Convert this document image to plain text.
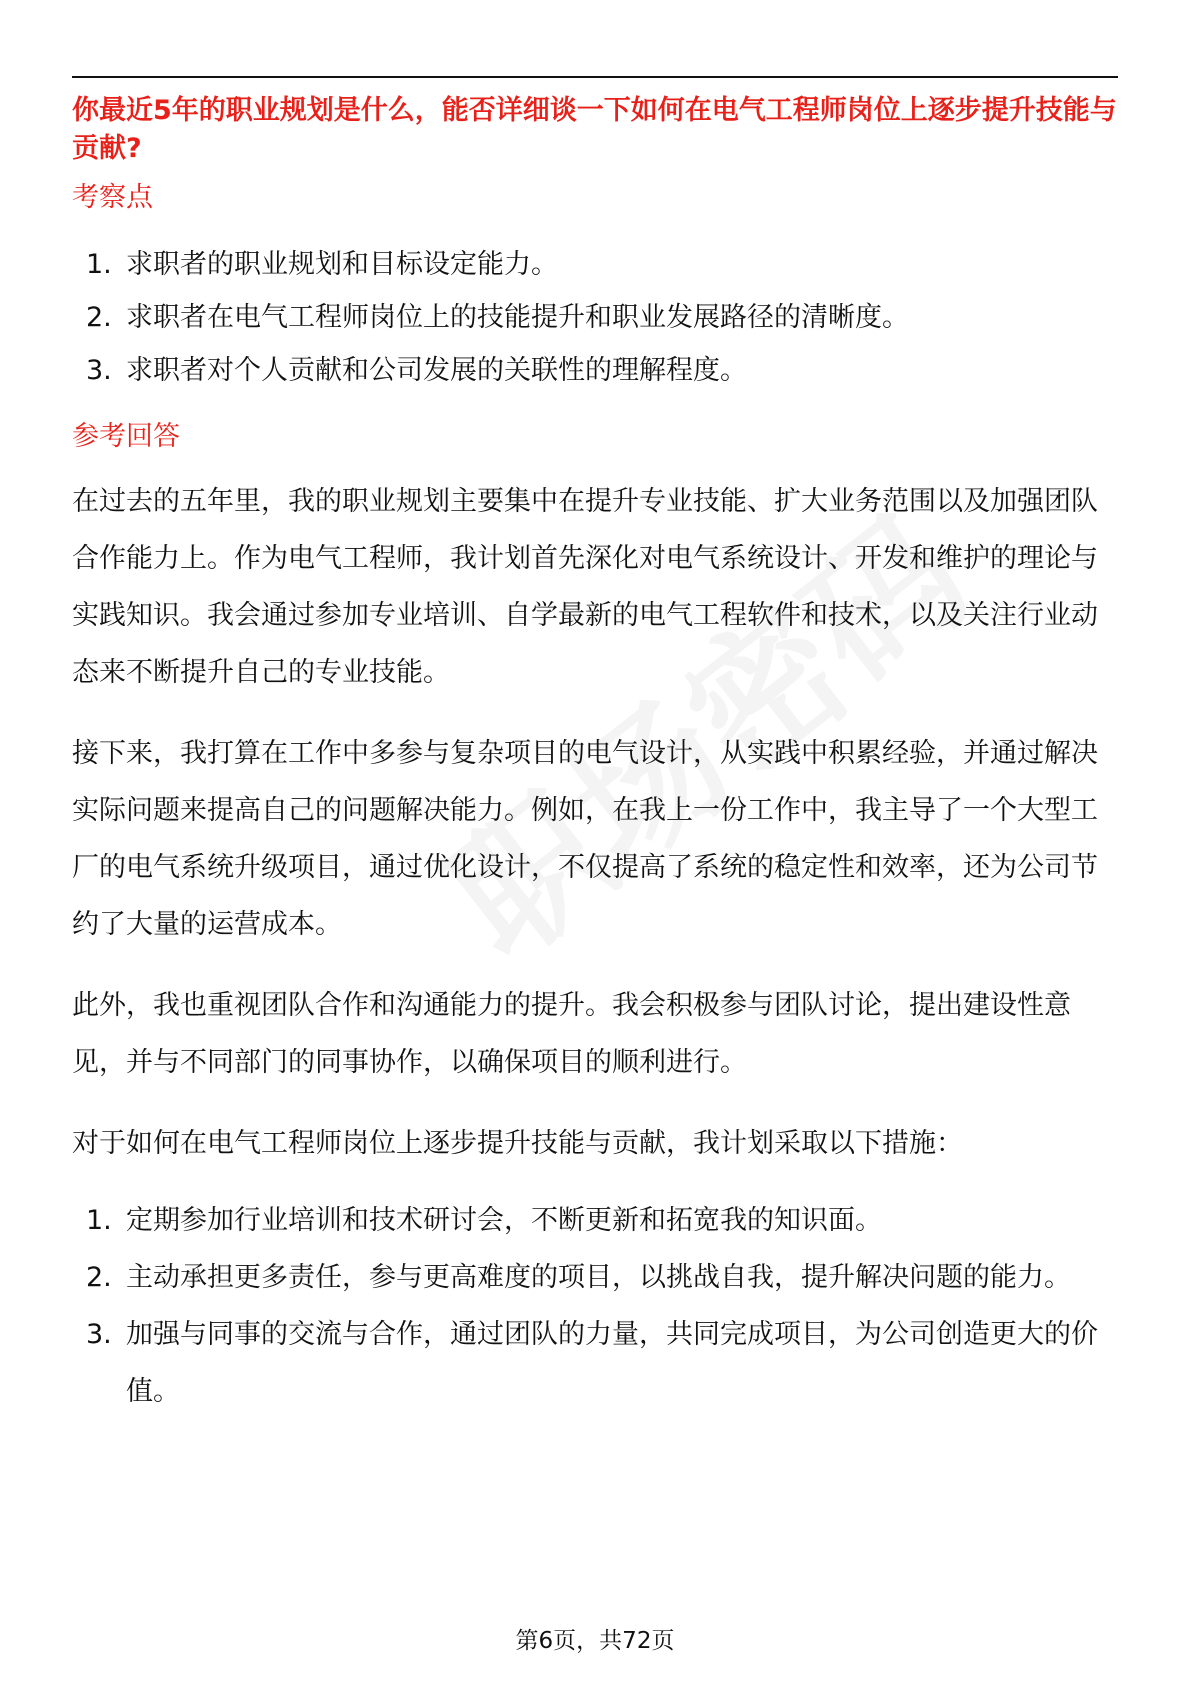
你最近5年的职业规划是什么，能否详细谈一下如何在电气工程师岗位上逐步提升技能与贡献?

考察点

1. 求职者的职业规划和目标设定能力。
2. 求职者在电气工程师岗位上的技能提升和职业发展路径的清晰度。
3. 求职者对个人贡献和公司发展的关联性的理解程度。

参考回答

在过去的五年里，我的职业规划主要集中在提升专业技能、扩大业务范围以及加强团队合作能力上。作为电气工程师，我计划首先深化对电气系统设计、开发和维护的理论与实践知识。我会通过参加专业培训、自学最新的电气工程软件和技术，以及关注行业动态来不断提升自己的专业技能。

接下来，我打算在工作中多参与复杂项目的电气设计，从实践中积累经验，并通过解决实际问题来提高自己的问题解决能力。例如，在我上一份工作中，我主导了一个大型工厂的电气系统升级项目，通过优化设计，不仅提高了系统的稳定性和效率，还为公司节约了大量的运营成本。

此外，我也重视团队合作和沟通能力的提升。我会积极参与团队讨论，提出建设性意见，并与不同部门的同事协作，以确保项目的顺利进行。

对于如何在电气工程师岗位上逐步提升技能与贡献，我计划采取以下措施：

1. 定期参加行业培训和技术研讨会，不断更新和拓宽我的知识面。
2. 主动承担更多责任，参与更高难度的项目，以挑战自我，提升解决问题的能力。
3. 加强与同事的交流与合作，通过团队的力量，共同完成项目，为公司创造更大的价值。
第6页，共72页
